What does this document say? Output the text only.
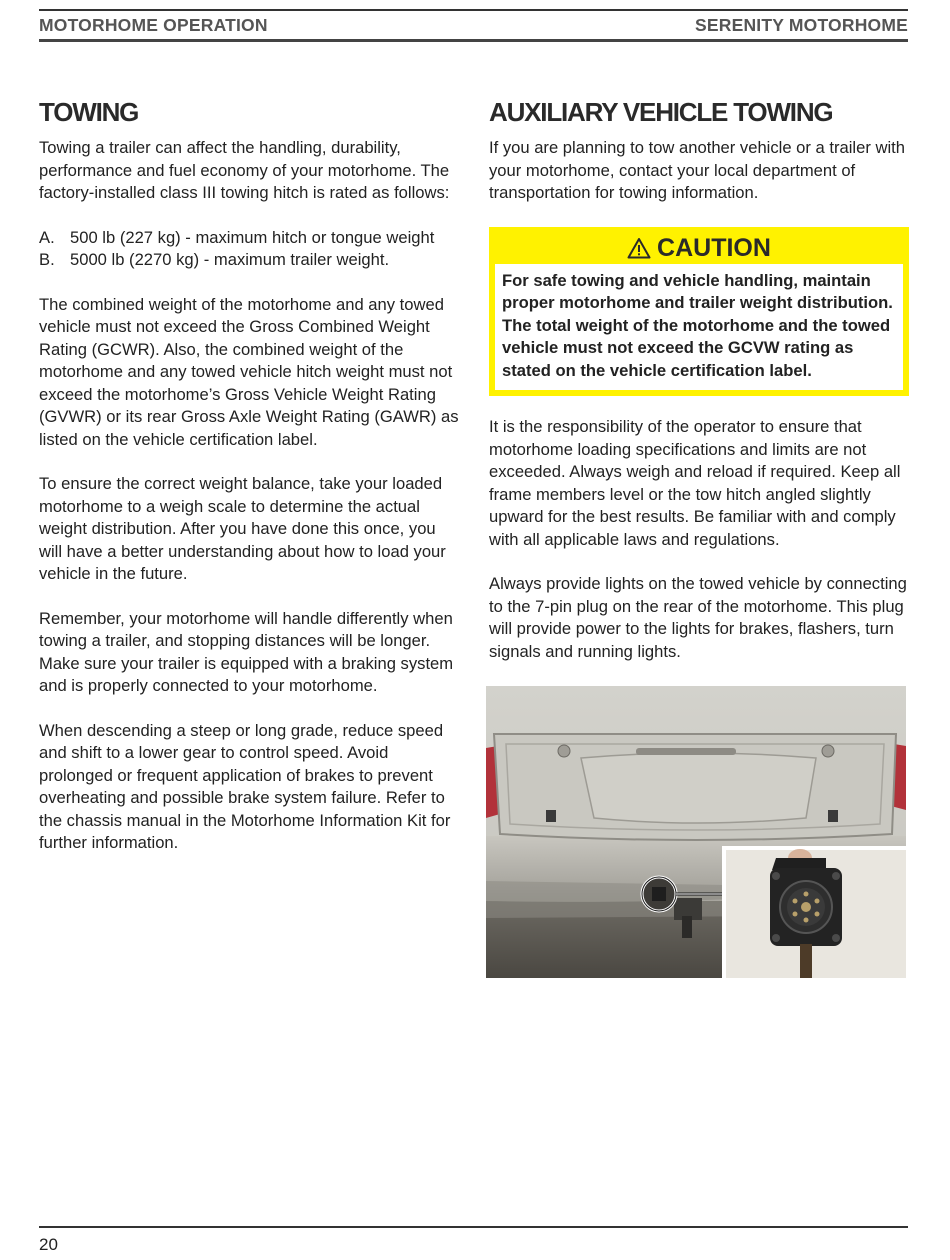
MOTORHOME OPERATION	SERENITY MOTORHOME
TOWING

Towing a trailer can affect the handling, durability, performance and fuel economy of your motorhome. The factory-installed class III towing hitch is rated as follows:

A. 500 lb (227 kg) - maximum hitch or tongue weight
B. 5000 lb (2270 kg) - maximum trailer weight.

The combined weight of the motorhome and any towed vehicle must not exceed the Gross Combined Weight Rating (GCWR). Also, the combined weight of the motorhome and any towed vehicle hitch weight must not exceed the motorhome’s Gross Vehicle Weight Rating (GVWR) or its rear Gross Axle Weight Rating (GAWR) as listed on the vehicle certification label.

To ensure the correct weight balance, take your loaded motorhome to a weigh scale to determine the actual weight distribution. After you have done this once, you will have a better understanding about how to load your vehicle in the future.

Remember, your motorhome will handle differently when towing a trailer, and stopping distances will be longer. Make sure your trailer is equipped with a braking system and is properly connected to your motorhome.

When descending a steep or long grade, reduce speed and shift to a lower gear to control speed. Avoid prolonged or frequent application of brakes to prevent overheating and possible brake system failure. Refer to the chassis manual in the Motorhome Information Kit for further information.

AUXILIARY VEHICLE TOWING

If you are planning to tow another vehicle or a trailer with your motorhome, contact your local department of transportation for towing information.

CAUTION
For safe towing and vehicle handling, maintain proper motorhome and trailer weight distribution. The total weight of the motorhome and the towed vehicle must not exceed the GCVW rating as stated on the vehicle certification label.

It is the responsibility of the operator to ensure that motorhome loading specifications and limits are not exceeded. Always weigh and reload if required. Keep all frame members level or the tow hitch angled slightly upward for the best results. Be familiar with and comply with all applicable laws and regulations.

Always provide lights on the towed vehicle by connecting to the 7-pin plug on the rear of the motorhome. This plug will provide power to the lights for brakes, flashers, turn signals and running lights.

20
